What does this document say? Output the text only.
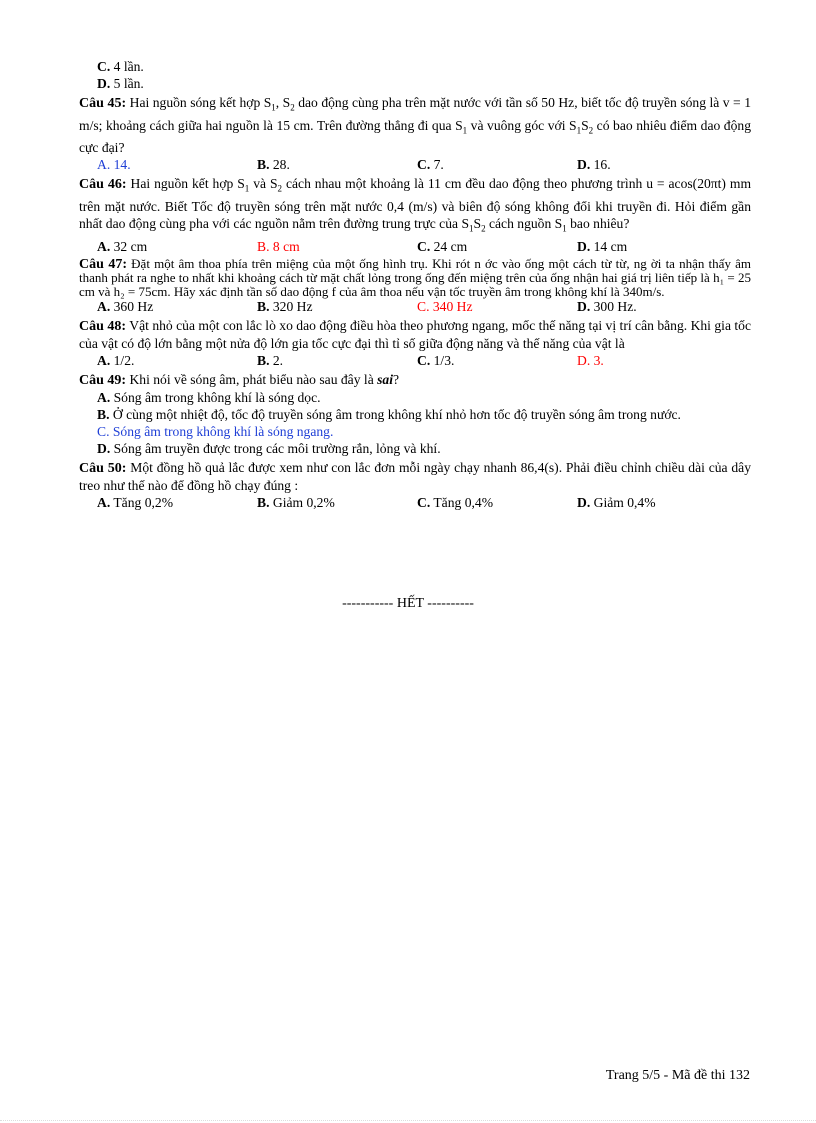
C. 4 lần.
D. 5 lần.
Câu 45: Hai nguồn sóng kết hợp $S_1$, $S_2$ dao động cùng pha trên mặt nước với tần số 50 Hz, biết tốc độ truyền sóng là v = 1 m/s; khoảng cách giữa hai nguồn là 15 cm. Trên đường thẳng đi qua $S_1$ và vuông góc với $S_1S_2$ có bao nhiêu điểm dao động cực đại?
A. 14.	B. 28.	C. 7.	D. 16.
Câu 46: Hai nguồn kết hợp $S_1$ và $S_2$ cách nhau một khoảng là 11 cm đều dao động theo phương trình u = acos(20πt) mm trên mặt nước. Biết Tốc độ truyền sóng trên mặt nước 0,4 (m/s) và biên độ sóng không đổi khi truyền đi. Hỏi điểm gần nhất dao động cùng pha với các nguồn nằm trên đường trung trực của $S_1S_2$ cách nguồn $S_1$ bao nhiêu?
A. 32 cm	B. 8 cm	C. 24 cm	D. 14 cm
Câu 47: Đặt một âm thoa phía trên miệng của một ống hình trụ. Khi rót n ớc vào ống một cách từ từ, ng ời ta nhận thấy âm thanh phát ra nghe to nhất khi khoảng cách từ mặt chất lỏng trong ống đến miệng trên của ống nhận hai giá trị liên tiếp là h₁ = 25 cm và h₂ = 75cm. Hãy xác định tần số dao động f của âm thoa nếu vận tốc truyền âm trong không khí là 340m/s.
A. 360 Hz	B. 320 Hz	C. 340 Hz	D. 300 Hz.
Câu 48: Vật nhỏ của một con lắc lò xo dao động điều hòa theo phương ngang, mốc thế năng tại vị trí cân bằng. Khi gia tốc của vật có độ lớn bằng một nửa độ lớn gia tốc cực đại thì tỉ số giữa động năng và thế năng của vật là
A. 1/2.	B. 2.	C. 1/3.	D. 3.
Câu 49: Khi nói về sóng âm, phát biểu nào sau đây là sai?
A. Sóng âm trong không khí là sóng dọc.
B. Ở cùng một nhiệt độ, tốc độ truyền sóng âm trong không khí nhỏ hơn tốc độ truyền sóng âm trong nước.
C. Sóng âm trong không khí là sóng ngang.
D. Sóng âm truyền được trong các môi trường rắn, lỏng và khí.
Câu 50: Một đồng hồ quả lắc được xem như con lắc đơn mỗi ngày chạy nhanh 86,4(s). Phải điều chỉnh chiều dài của dây treo như thế nào để đồng hồ chạy đúng :
A. Tăng 0,2%	B. Giảm 0,2%	C. Tăng 0,4%	D. Giảm 0,4%
----------- HẾT ----------
Trang 5/5 - Mã đề thi 132
